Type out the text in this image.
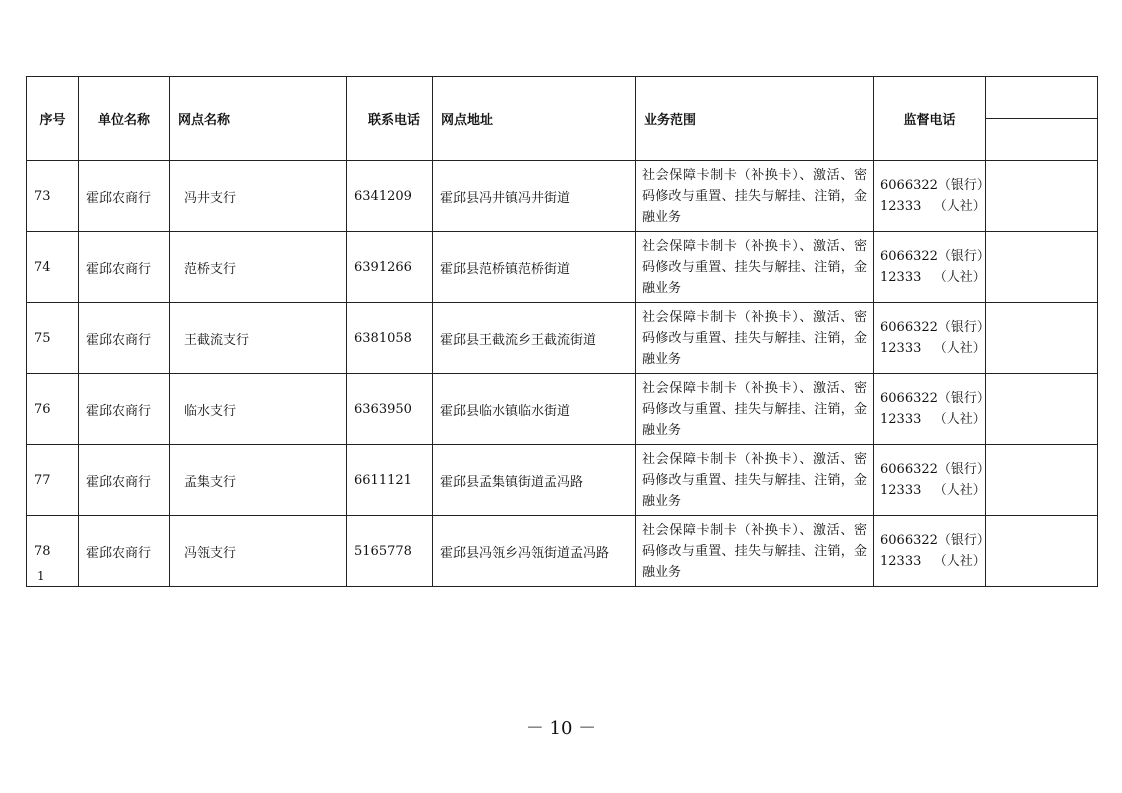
序号	单位名称	网点名称	联系电话	网点地址	业务范围	监督电话	

73	霍邱农商行	冯井支行	6341209	霍邱县冯井镇冯井街道	社会保障卡制卡（补换卡）、激活、密码修改与重置、挂失与解挂、注销，金融业务	6066322（银行）
12333   （人社）	

74	霍邱农商行	范桥支行	6391266	霍邱县范桥镇范桥街道	社会保障卡制卡（补换卡）、激活、密码修改与重置、挂失与解挂、注销，金融业务	6066322（银行）
12333   （人社）	

75	霍邱农商行	王截流支行	6381058	霍邱县王截流乡王截流街道	社会保障卡制卡（补换卡）、激活、密码修改与重置、挂失与解挂、注销，金融业务	6066322（银行）
12333   （人社）	

76	霍邱农商行	临水支行	6363950	霍邱县临水镇临水街道	社会保障卡制卡（补换卡）、激活、密码修改与重置、挂失与解挂、注销，金融业务	6066322（银行）
12333   （人社）	

77	霍邱农商行	孟集支行	6611121	霍邱县孟集镇街道孟冯路	社会保障卡制卡（补换卡）、激活、密码修改与重置、挂失与解挂、注销，金融业务	6066322（银行）
12333   （人社）	

78	霍邱农商行	冯瓴支行	5165778	霍邱县冯瓴乡冯瓴街道孟冯路	社会保障卡制卡（补换卡）、激活、密码修改与重置、挂失与解挂、注销，金融业务	6066322（银行）
12333   （人社）	

1
－ 10 －
